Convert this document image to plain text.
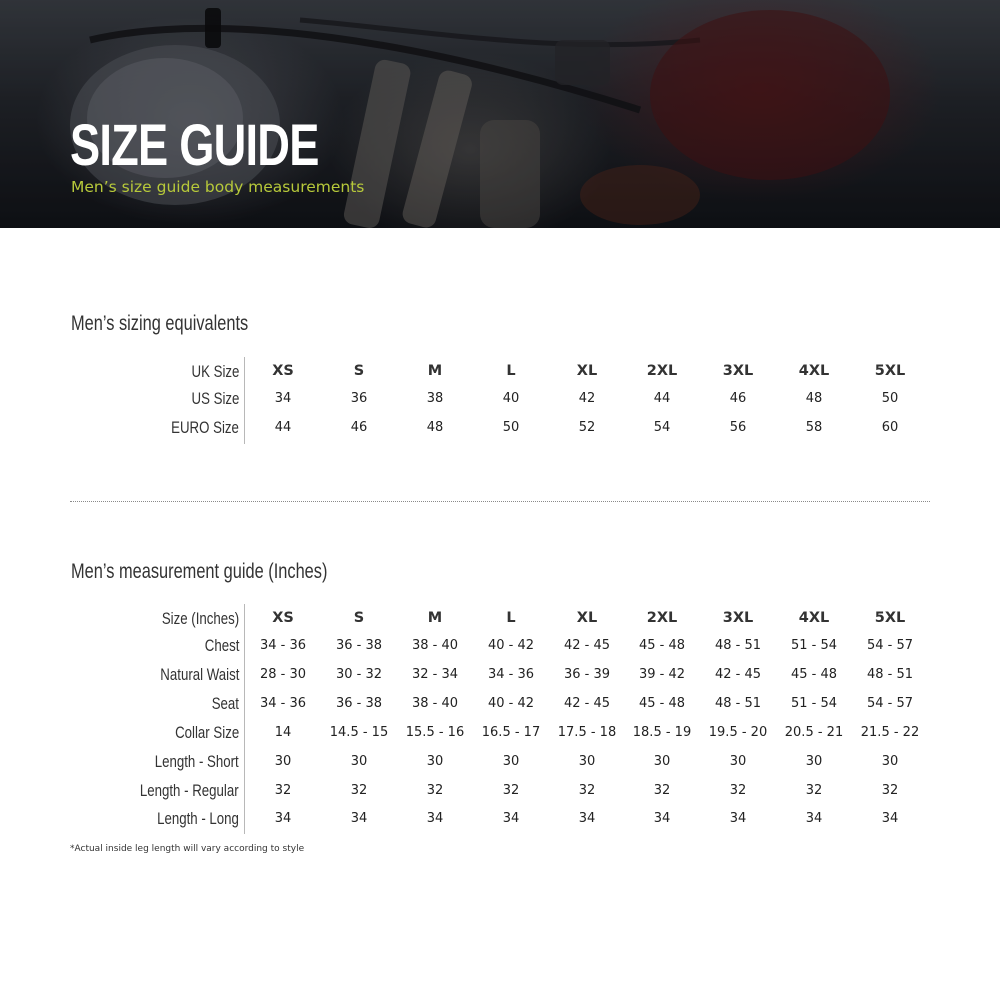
SIZE GUIDE
Men’s size guide body measurements
Men’s sizing equivalents
UK Size	XS	S	M	L	XL	2XL	3XL	4XL	5XL
US Size	34	36	38	40	42	44	46	48	50
EURO Size	44	46	48	50	52	54	56	58	60
Men’s measurement guide (Inches)
Size (Inches)	XS	S	M	L	XL	2XL	3XL	4XL	5XL
Chest	34 - 36	36 - 38	38 - 40	40 - 42	42 - 45	45 - 48	48 - 51	51 - 54	54 - 57
Natural Waist	28 - 30	30 - 32	32 - 34	34 - 36	36 - 39	39 - 42	42 - 45	45 - 48	48 - 51
Seat	34 - 36	36 - 38	38 - 40	40 - 42	42 - 45	45 - 48	48 - 51	51 - 54	54 - 57
Collar Size	14	14.5 - 15	15.5 - 16	16.5 - 17	17.5 - 18	18.5 - 19	19.5 - 20	20.5 - 21	21.5 - 22
Length - Short	30	30	30	30	30	30	30	30	30
Length - Regular	32	32	32	32	32	32	32	32	32
Length - Long	34	34	34	34	34	34	34	34	34
*Actual inside leg length will vary according to style
